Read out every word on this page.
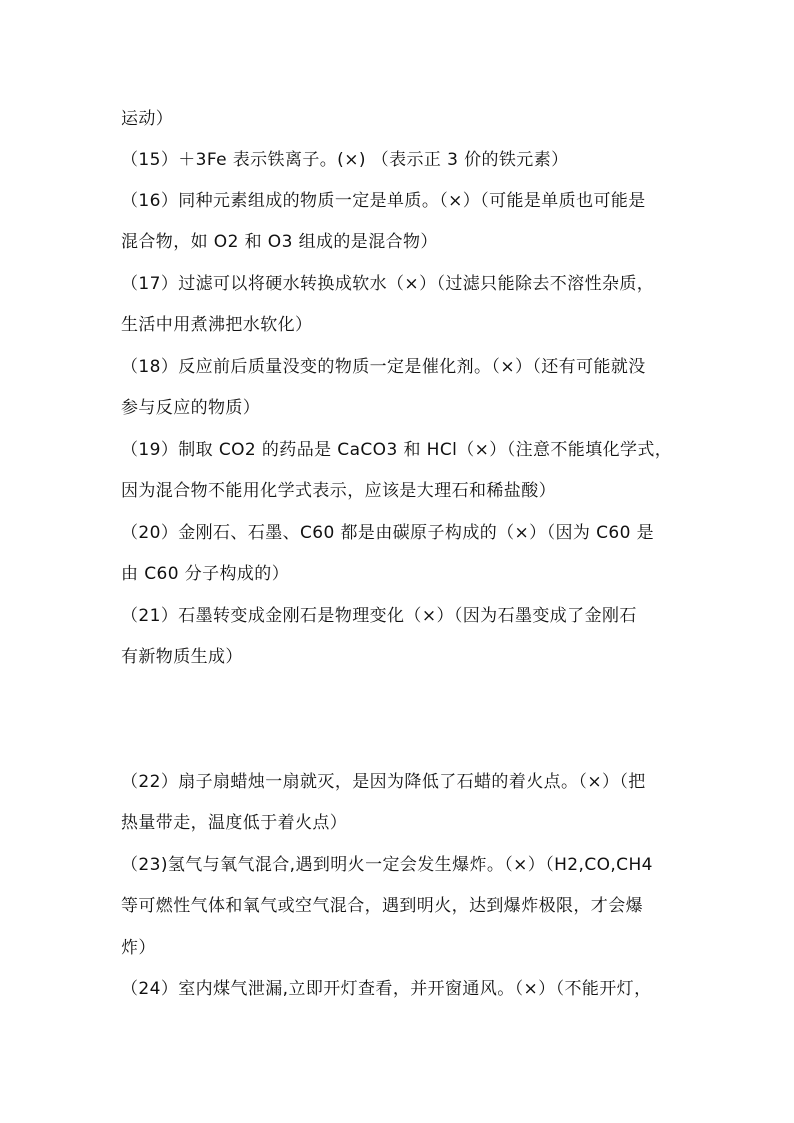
运动）
（15）＋3Fe 表示铁离子。(×) （表示正 3 价的铁元素）
（16）同种元素组成的物质一定是单质。（×）（可能是单质也可能是
混合物，如 O2 和 O3 组成的是混合物）
（17）过滤可以将硬水转换成软水（×）（过滤只能除去不溶性杂质，
生活中用煮沸把水软化）
（18）反应前后质量没变的物质一定是催化剂。（×）（还有可能就没
参与反应的物质）
（19）制取 CO2 的药品是 CaCO3 和 HCl（×）（注意不能填化学式，
因为混合物不能用化学式表示，应该是大理石和稀盐酸）
（20）金刚石、石墨、C60 都是由碳原子构成的（×）（因为 C60 是
由 C60 分子构成的）
（21）石墨转变成金刚石是物理变化（×）（因为石墨变成了金刚石
有新物质生成）
（22）扇子扇蜡烛一扇就灭，是因为降低了石蜡的着火点。（×）（把
热量带走，温度低于着火点）
（23)氢气与氧气混合,遇到明火一定会发生爆炸。（×）（H2,CO,CH4
等可燃性气体和氧气或空气混合，遇到明火，达到爆炸极限，才会爆
炸）
（24）室内煤气泄漏,立即开灯查看，并开窗通风。（×）（不能开灯，
